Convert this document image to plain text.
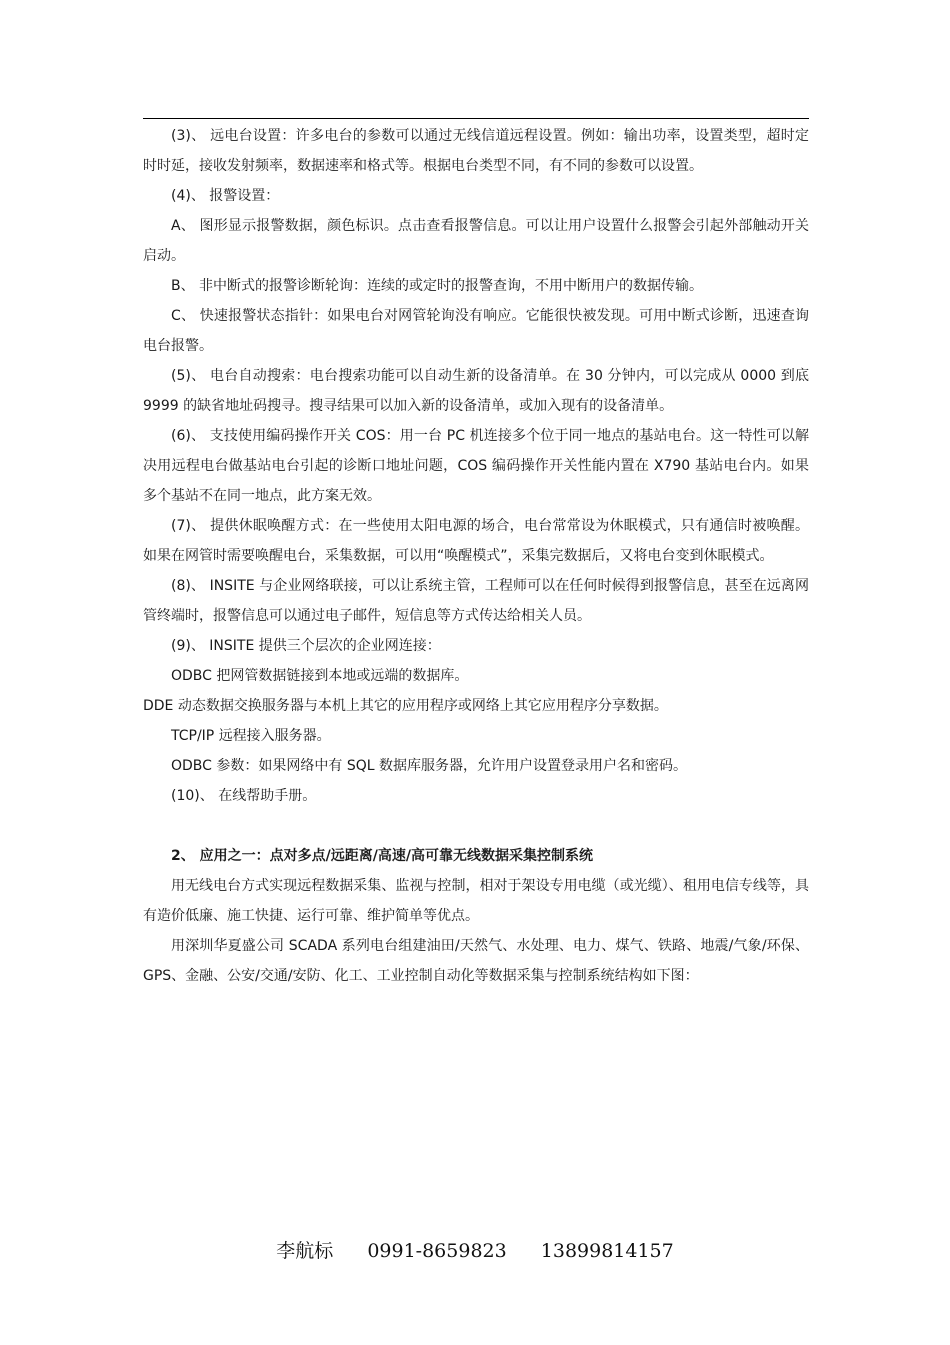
(3)、 远电台设置：许多电台的参数可以通过无线信道远程设置。例如：输出功率，设置类型，超时定时时延，接收发射频率，数据速率和格式等。根据电台类型不同，有不同的参数可以设置。

(4)、 报警设置：

A、 图形显示报警数据，颜色标识。点击查看报警信息。可以让用户设置什么报警会引起外部触动开关启动。

B、 非中断式的报警诊断轮询：连续的或定时的报警查询，不用中断用户的数据传输。

C、 快速报警状态指针：如果电台对网管轮询没有响应。它能很快被发现。可用中断式诊断，迅速查询电台报警。

(5)、 电台自动搜索：电台搜索功能可以自动生新的设备清单。在 30 分钟内，可以完成从 0000 到底 9999 的缺省地址码搜寻。搜寻结果可以加入新的设备清单，或加入现有的设备清单。

(6)、 支技使用编码操作开关 COS：用一台 PC 机连接多个位于同一地点的基站电台。这一特性可以解决用远程电台做基站电台引起的诊断口地址问题，COS 编码操作开关性能内置在 X790 基站电台内。如果多个基站不在同一地点，此方案无效。

(7)、 提供休眠唤醒方式：在一些使用太阳电源的场合，电台常常设为休眠模式，只有通信时被唤醒。如果在网管时需要唤醒电台，采集数据，可以用“唤醒模式”，采集完数据后，又将电台变到休眠模式。

(8)、 INSITE 与企业网络联接，可以让系统主管，工程师可以在任何时候得到报警信息，甚至在远离网管终端时，报警信息可以通过电子邮件，短信息等方式传达给相关人员。

(9)、 INSITE 提供三个层次的企业网连接：

ODBC 把网管数据链接到本地或远端的数据库。

DDE 动态数据交换服务器与本机上其它的应用程序或网络上其它应用程序分享数据。

TCP/IP 远程接入服务器。

ODBC 参数：如果网络中有 SQL 数据库服务器，允许用户设置登录用户名和密码。

(10)、 在线帮助手册。

2、 应用之一：点对多点/远距离/高速/高可靠无线数据采集控制系统

用无线电台方式实现远程数据采集、监视与控制，相对于架设专用电缆（或光缆）、租用电信专线等，具有造价低廉、施工快捷、运行可靠、维护简单等优点。

用深圳华夏盛公司 SCADA 系列电台组建油田/天然气、水处理、电力、煤气、铁路、地震/气象/环保、GPS、金融、公安/交通/安防、化工、工业控制自动化等数据采集与控制系统结构如下图：

李航标 0991-8659823 13899814157
